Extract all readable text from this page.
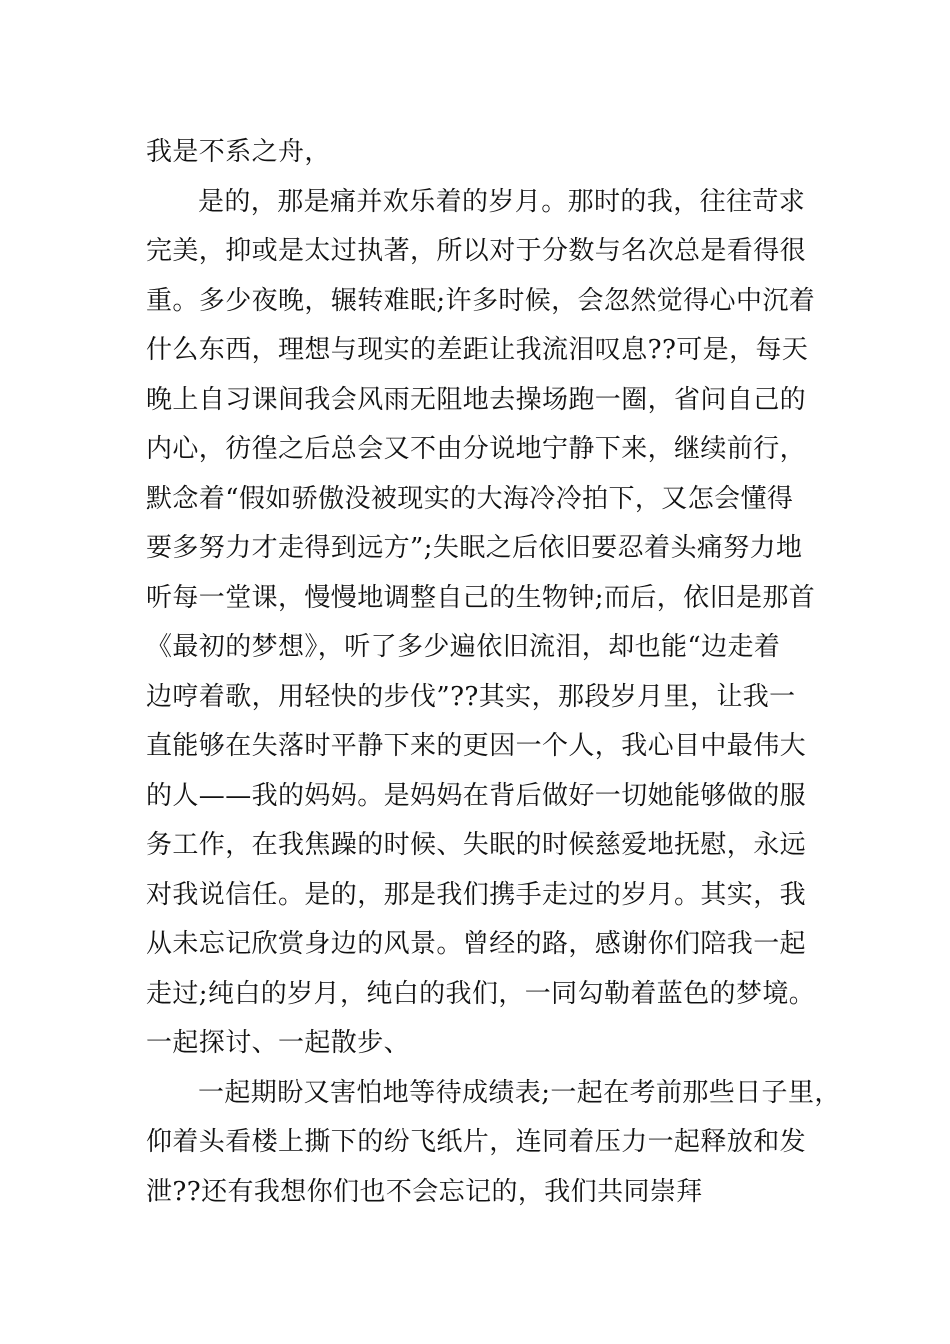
我是不系之舟，
是的，那是痛并欢乐着的岁月。那时的我，往往苛求
完美，抑或是太过执著，所以对于分数与名次总是看得很
重。多少夜晚，辗转难眠;许多时候，会忽然觉得心中沉着
什么东西，理想与现实的差距让我流泪叹息??可是，每天
晚上自习课间我会风雨无阻地去操场跑一圈，省问自己的
内心，彷徨之后总会又不由分说地宁静下来，继续前行，
默念着“假如骄傲没被现实的大海冷冷拍下，又怎会懂得
要多努力才走得到远方”;失眠之后依旧要忍着头痛努力地
听每一堂课，慢慢地调整自己的生物钟;而后，依旧是那首
《最初的梦想》，听了多少遍依旧流泪，却也能“边走着
边哼着歌，用轻快的步伐”??其实，那段岁月里，让我一
直能够在失落时平静下来的更因一个人，我心目中最伟大
的人——我的妈妈。是妈妈在背后做好一切她能够做的服
务工作，在我焦躁的时候、失眠的时候慈爱地抚慰，永远
对我说信任。是的，那是我们携手走过的岁月。其实，我
从未忘记欣赏身边的风景。曾经的路，感谢你们陪我一起
走过;纯白的岁月，纯白的我们，一同勾勒着蓝色的梦境。
一起探讨、一起散步、
一起期盼又害怕地等待成绩表;一起在考前那些日子里，
仰着头看楼上撕下的纷飞纸片，连同着压力一起释放和发
泄??还有我想你们也不会忘记的，我们共同崇拜
